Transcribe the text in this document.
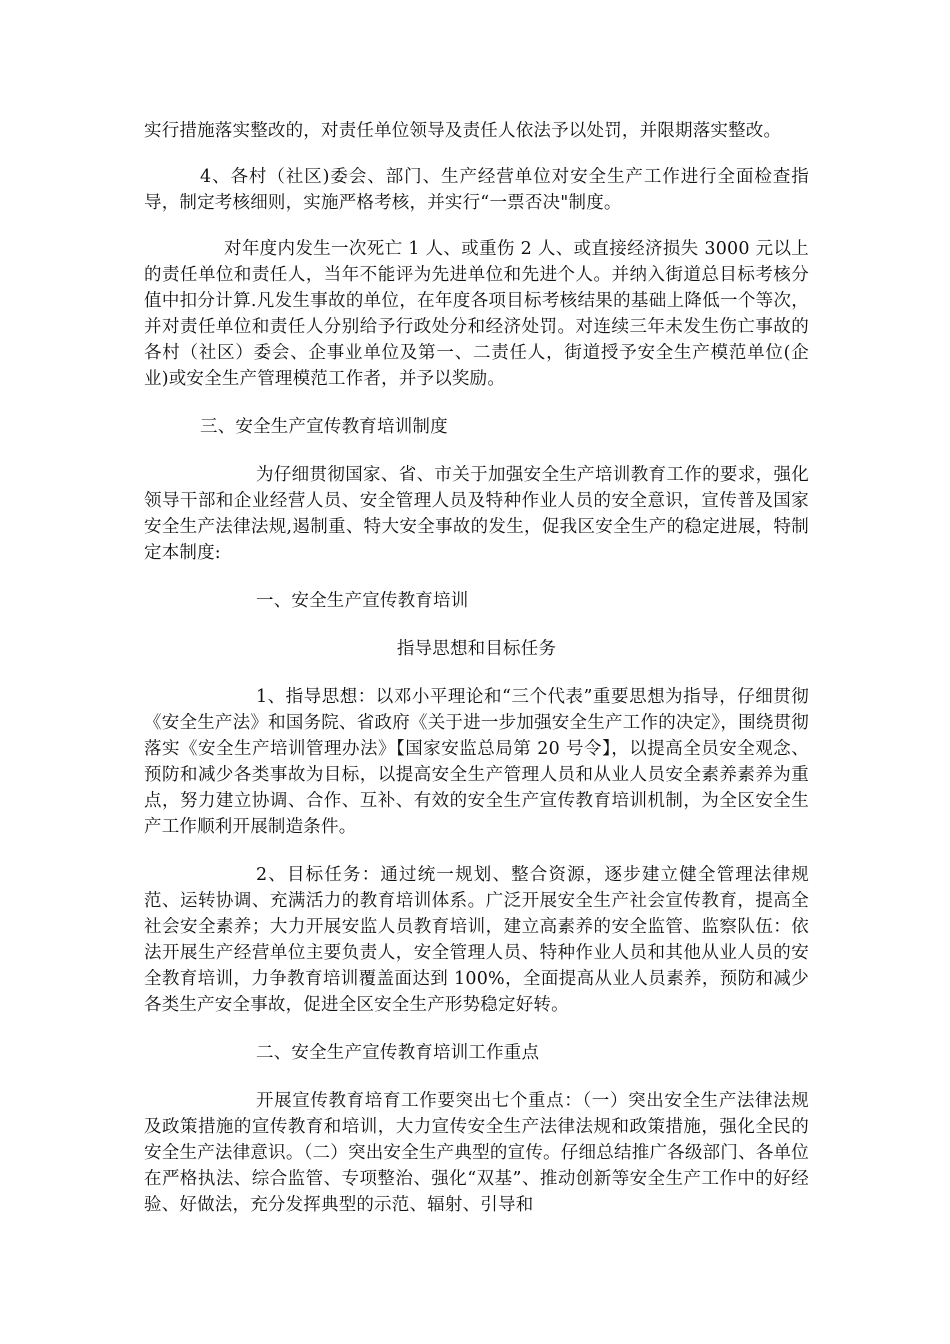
实行措施落实整改的，对责任单位领导及责任人依法予以处罚，并限期落实整改。

4、各村（社区)委会、部门、生产经营单位对安全生产工作进行全面检查指导，制定考核细则，实施严格考核，并实行“一票否决"制度。

对年度内发生一次死亡 1 人、或重伤 2 人、或直接经济损失 3000 元以上的责任单位和责任人，当年不能评为先进单位和先进个人。并纳入街道总目标考核分值中扣分计算.凡发生事故的单位，在年度各项目标考核结果的基础上降低一个等次，并对责任单位和责任人分别给予行政处分和经济处罚。对连续三年未发生伤亡事故的各村（社区）委会、企事业单位及第一、二责任人，街道授予安全生产模范单位(企业)或安全生产管理模范工作者，并予以奖励。

三、安全生产宣传教育培训制度

为仔细贯彻国家、省、市关于加强安全生产培训教育工作的要求，强化领导干部和企业经营人员、安全管理人员及特种作业人员的安全意识，宣传普及国家安全生产法律法规,遏制重、特大安全事故的发生，促我区安全生产的稳定进展，特制定本制度:

一、安全生产宣传教育培训

指导思想和目标任务

1、指导思想：以邓小平理论和“三个代表”重要思想为指导，仔细贯彻《安全生产法》和国务院、省政府《关于进一步加强安全生产工作的决定》，围绕贯彻落实《安全生产培训管理办法》【国家安监总局第 20 号令】，以提高全员安全观念、预防和减少各类事故为目标，以提高安全生产管理人员和从业人员安全素养素养为重点，努力建立协调、合作、互补、有效的安全生产宣传教育培训机制，为全区安全生产工作顺利开展制造条件。

2、目标任务：通过统一规划、整合资源，逐步建立健全管理法律规范、运转协调、充满活力的教育培训体系。广泛开展安全生产社会宣传教育，提高全社会安全素养；大力开展安监人员教育培训，建立高素养的安全监管、监察队伍：依法开展生产经营单位主要负责人，安全管理人员、特种作业人员和其他从业人员的安全教育培训，力争教育培训覆盖面达到 100%，全面提高从业人员素养，预防和减少各类生产安全事故，促进全区安全生产形势稳定好转。

二、安全生产宣传教育培训工作重点

开展宣传教育培育工作要突出七个重点：（一）突出安全生产法律法规及政策措施的宣传教育和培训，大力宣传安全生产法律法规和政策措施，强化全民的安全生产法律意识。（二）突出安全生产典型的宣传。仔细总结推广各级部门、各单位在严格执法、综合监管、专项整治、强化“双基”、推动创新等安全生产工作中的好经验、好做法，充分发挥典型的示范、辐射、引导和
